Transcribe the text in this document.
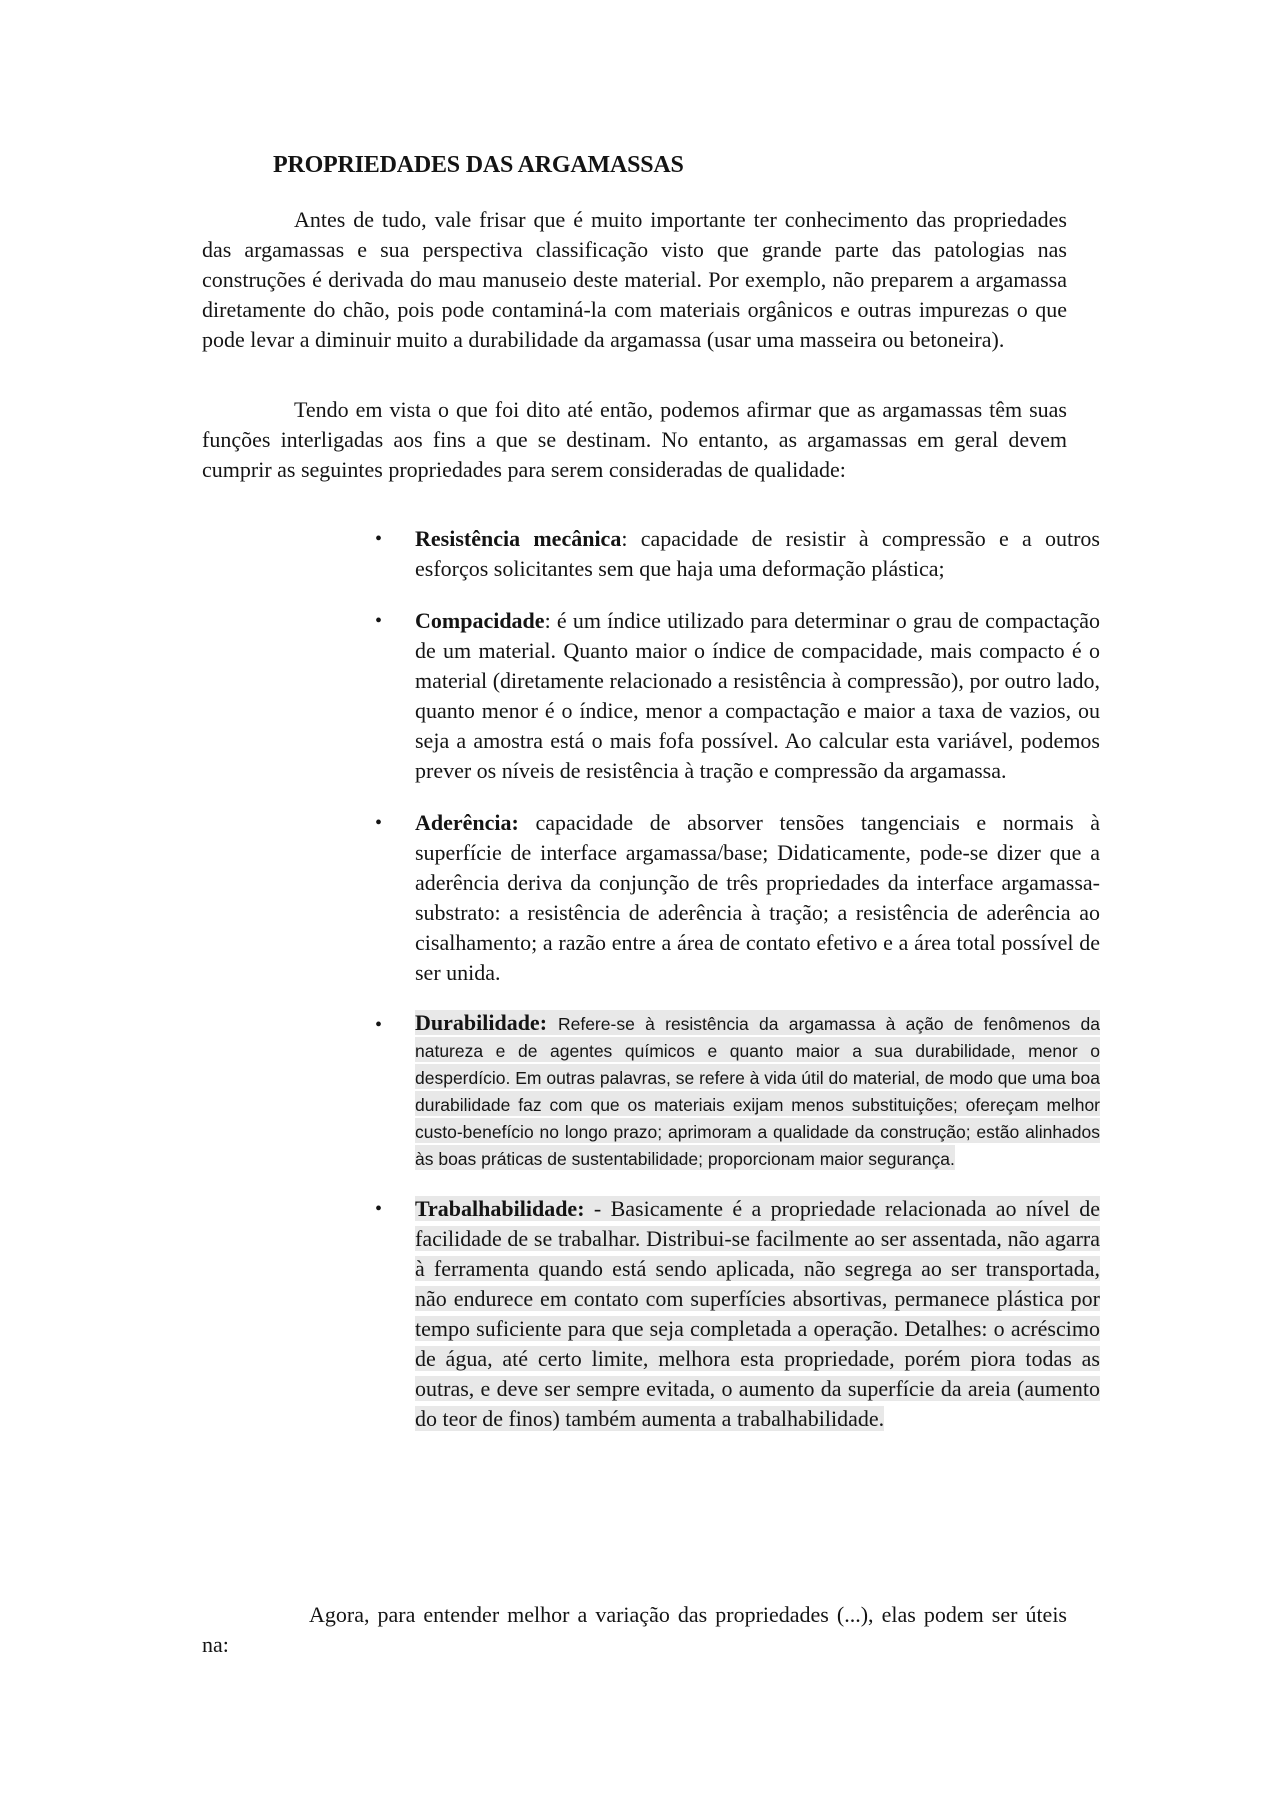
PROPRIEDADES DAS ARGAMASSAS

Antes de tudo, vale frisar que é muito importante ter conhecimento das propriedades das argamassas e sua perspectiva classificação visto que grande parte das patologias nas construções é derivada do mau manuseio deste material. Por exemplo, não preparem a argamassa diretamente do chão, pois pode contaminá-la com materiais orgânicos e outras impurezas o que pode levar a diminuir muito a durabilidade da argamassa (usar uma masseira ou betoneira).

Tendo em vista o que foi dito até então, podemos afirmar que as argamassas têm suas funções interligadas aos fins a que se destinam. No entanto, as argamassas em geral devem cumprir as seguintes propriedades para serem consideradas de qualidade:

• Resistência mecânica: capacidade de resistir à compressão e a outros esforços solicitantes sem que haja uma deformação plástica;
• Compacidade: é um índice utilizado para determinar o grau de compactação de um material. Quanto maior o índice de compacidade, mais compacto é o material (diretamente relacionado a resistência à compressão), por outro lado, quanto menor é o índice, menor a compactação e maior a taxa de vazios, ou seja a amostra está o mais fofa possível. Ao calcular esta variável, podemos prever os níveis de resistência à tração e compressão da argamassa.
• Aderência: capacidade de absorver tensões tangenciais e normais à superfície de interface argamassa/base; Didaticamente, pode-se dizer que a aderência deriva da conjunção de três propriedades da interface argamassa-substrato: a resistência de aderência à tração; a resistência de aderência ao cisalhamento; a razão entre a área de contato efetivo e a área total possível de ser unida.
• Durabilidade: Refere-se à resistência da argamassa à ação de fenômenos da natureza e de agentes químicos e quanto maior a sua durabilidade, menor o desperdício. Em outras palavras, se refere à vida útil do material, de modo que uma boa durabilidade faz com que os materiais exijam menos substituições; ofereçam melhor custo-benefício no longo prazo; aprimoram a qualidade da construção; estão alinhados às boas práticas de sustentabilidade; proporcionam maior segurança.
• Trabalhabilidade: - Basicamente é a propriedade relacionada ao nível de facilidade de se trabalhar. Distribui-se facilmente ao ser assentada, não agarra à ferramenta quando está sendo aplicada, não segrega ao ser transportada, não endurece em contato com superfícies absortivas, permanece plástica por tempo suficiente para que seja completada a operação. Detalhes: o acréscimo de água, até certo limite, melhora esta propriedade, porém piora todas as outras, e deve ser sempre evitada, o aumento da superfície da areia (aumento do teor de finos) também aumenta a trabalhabilidade.

Agora, para entender melhor a variação das propriedades (...), elas podem ser úteis na:
